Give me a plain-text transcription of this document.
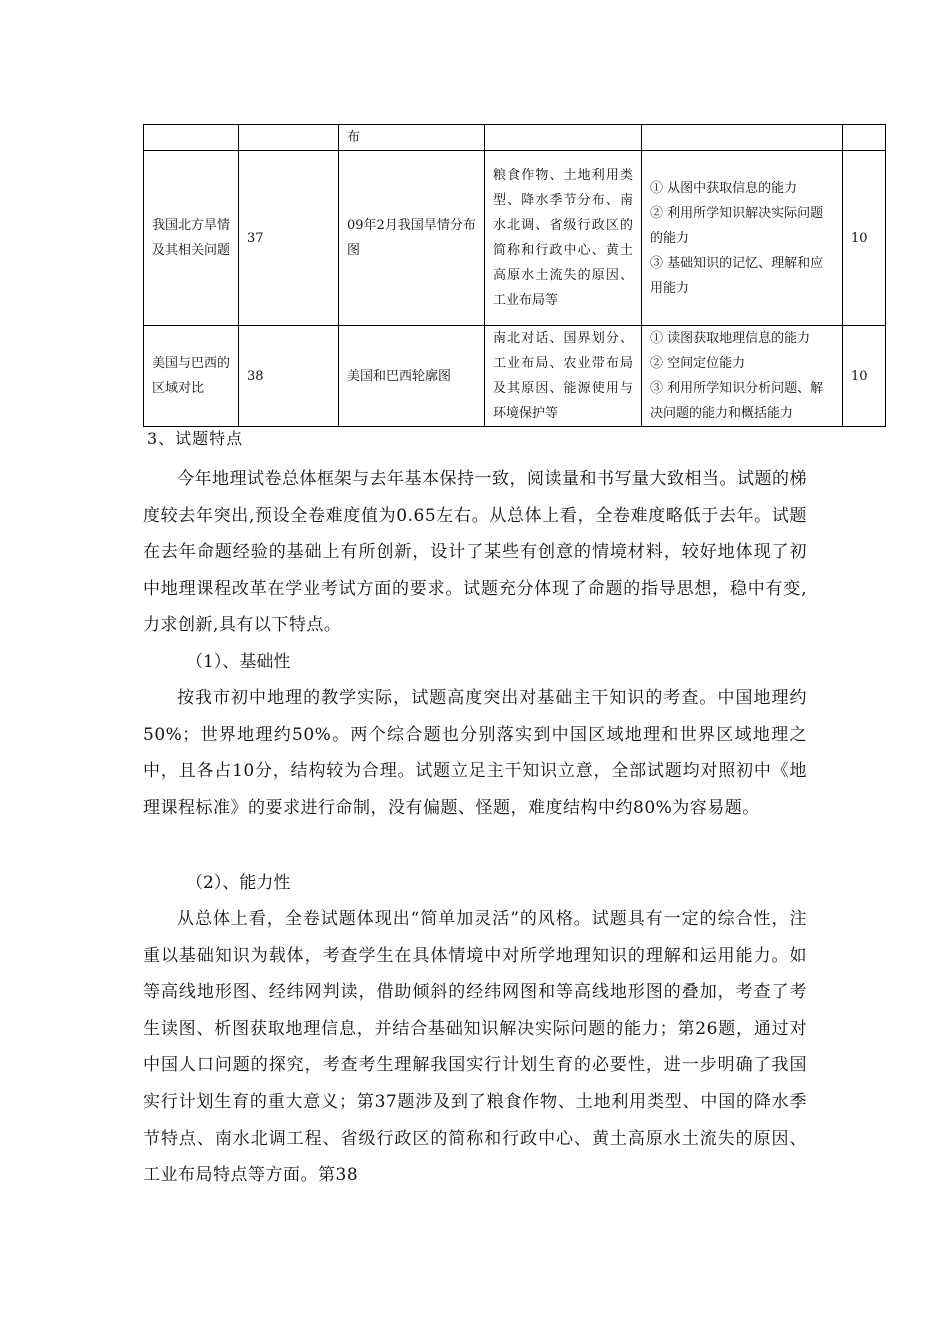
		布			
我国北方旱情及其相关问题	37	09年2月我国旱情分布图	粮食作物、土地利用类型、降水季节分布、南水北调、省级行政区的简称和行政中心、黄土高原水土流失的原因、工业布局等	① 从图中获取信息的能力
② 利用所学知识解决实际问题的能力
③ 基础知识的记忆、理解和应用能力	10
美国与巴西的区域对比	38	美国和巴西轮廓图	南北对话、国界划分、工业布局、农业带布局及其原因、能源使用与环境保护等	① 读图获取地理信息的能力
② 空间定位能力
③ 利用所学知识分析问题、解决问题的能力和概括能力	10
3、试题特点

今年地理试卷总体框架与去年基本保持一致，阅读量和书写量大致相当。试题的梯度较去年突出,预设全卷难度值为0.65左右。从总体上看，全卷难度略低于去年。试题在去年命题经验的基础上有所创新，设计了某些有创意的情境材料，较好地体现了初中地理课程改革在学业考试方面的要求。试题充分体现了命题的指导思想，稳中有变,力求创新,具有以下特点。

（1）、基础性

按我市初中地理的教学实际，试题高度突出对基础主干知识的考查。中国地理约50%；世界地理约50%。两个综合题也分别落实到中国区域地理和世界区域地理之中，且各占10分，结构较为合理。试题立足主干知识立意，全部试题均对照初中《地理课程标准》的要求进行命制，没有偏题、怪题，难度结构中约80%为容易题。

（2）、能力性

从总体上看，全卷试题体现出“简单加灵活”的风格。试题具有一定的综合性，注重以基础知识为载体，考查学生在具体情境中对所学地理知识的理解和运用能力。如等高线地形图、经纬网判读，借助倾斜的经纬网图和等高线地形图的叠加，考查了考生读图、析图获取地理信息，并结合基础知识解决实际问题的能力；第26题，通过对中国人口问题的探究，考查考生理解我国实行计划生育的必要性，进一步明确了我国实行计划生育的重大意义；第37题涉及到了粮食作物、土地利用类型、中国的降水季节特点、南水北调工程、省级行政区的简称和行政中心、黄土高原水土流失的原因、工业布局特点等方面。第38
